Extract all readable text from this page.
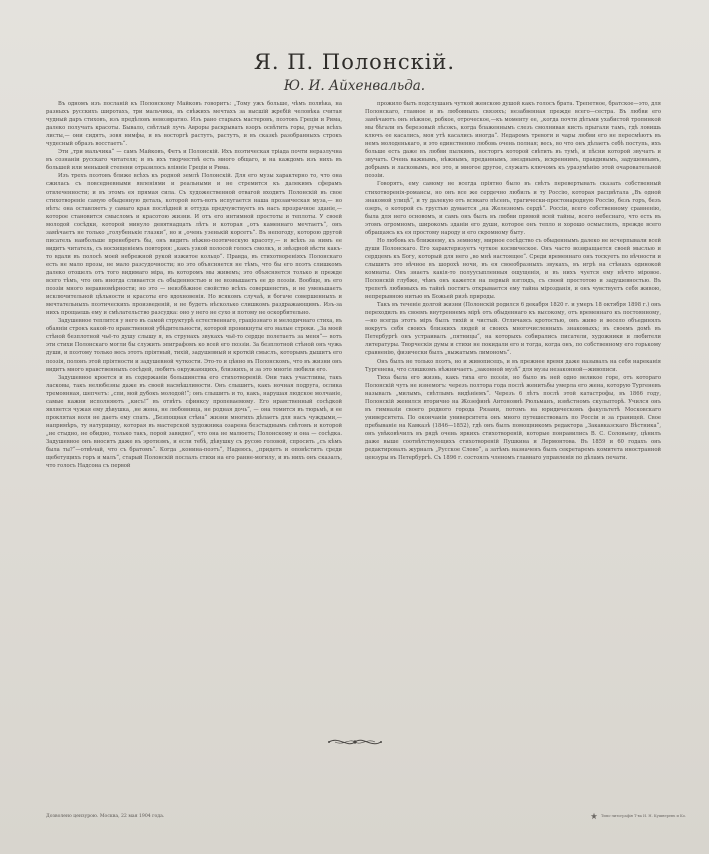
Я. П. Полонскій.
Ю. И. Айхенвальда.

Въ одномъ изъ посланій къ Полонскому Майковъ говоритъ: „Тому ужъ больше, чѣмъ полвѣка, на разныхъ русскихъ широтахъ, три мальчика, въ свѣжихъ мечтахъ за высшій жребій человѣка считая чудный даръ стиховъ, изъ предѣловъ невозвратно. Изъ рано старыхъ мастеровъ, поэтовъ Греціи и Рима, далеко получать красоты. Бывало, свѣтлый лучъ Авроры раскрывать взоръ освѣтить горы, ручьи всѣхъ листы,— они сидятъ, зовя нимфы, и въ восторгѣ растутъ, растутъ, и въ сказкѣ разобранныхъ строкъ чудесный образъ восстаетъ“.

Эти „три мальчика“ — самъ Майковъ, Фетъ и Полонскій. Ихъ поэтическая тріада почти неразлучна въ сознаніи русскаго читателя; и въ ихъ творчествѣ есть много общаго, и на каждомъ изъ нихъ въ большей или меньшей степени отразилось вліяніе Греціи и Рима.

Изъ трехъ поэтовъ ближе всѣхъ къ родной землѣ Полонскій. Для его музы характерно то, что она сжилась съ повседневными явленіями и реальными и не стремится къ далекимъ сферамъ отвлеченности; и въ этомъ ея прямая сила. Съ художественной отвагой входитъ Полонскій въ свое стихотвореніе самую обыденную деталь, которой вотъ-вотъ испугается наша прозаическая муза,— но нѣтъ: она оставляетъ у самаго края послѣдней и оттуда предчувствуетъ въ насъ прозрачное зданіе,—которое становится смысломъ и красотою жизни. И отъ его интимной простоты и теплоты. У своей молодой сосѣдки, которой минуло девятнадцать лѣтъ и которая „отъ каменнаго мечтаетъ“, онъ замѣчаетъ не только „голубенькіе глазки“, но и „очень узенькій корсетъ“. Въ непогоду, которою другой писатель наибольше пренебрегъ бы, онъ видитъ нѣжно-поэтическую красоту,— и всѣхъ за нимъ ее видитъ читатель, съ восхищеніемъ повторяя: „какъ узкой полосой голосъ смолкъ, и звѣздной вѣсти какъ-то вдали въ полосѣ моей небрежной рукой изжитое кольцо“. Правда, въ стихотвореніяхъ Полонскаго есть не мало прозы, не мало разсудочности; но это объясняется не тѣмъ, что бы его поэтъ слишкомъ далеко отошелъ отъ того видимаго міра, въ которомъ мы живемъ; это объясняется только и прежде всего тѣмъ, что онъ иногда сливается съ обыденностью и не возвышаетъ ее до поэзіи. Вообще, въ его поэзіи много неравномѣрности; но это — неизбѣжное свойство всѣхъ совершенствъ, и не уменьшаетъ исключительной цѣльности и красоты его вдохновенія. Но всякомъ случаѣ, и богаче совершенныхъ и мечтательныхъ поэтическихъ произведеній, и не будетъ нѣсколько слишкомъ раздражающимъ. Изъ-за нихъ прощаешь ему и смѣлательство разсудка: оно у него не сухо и потому не оскорбительно.

Задушевное теплится у него въ самой структурѣ естественнаго, граціознаго и мелодичнаго стиха, въ обаяніи строкъ какой-то нравственной убѣдительности, которой проникнуты его малые строки. „За моей стѣной безплотной чьё-то душу слышу я, въ струнахъ звукахъ чьё-то сердце полетаетъ за меня“— вотъ эти стихи Полонскаго могли бы служить эпиграфомъ ко всей его поэзіи. За безплотной стѣной онъ чужь души, и поэтому только весь этотъ пріятный, тихій, задушевный и кроткій смыслъ, которымъ дышитъ его поэзія, полонъ этой пріятности и задушевной чуткости. Это-то и цѣнно въ Полонскомъ, что въ жизни онъ видитъ много нравственныхъ сосѣдей, любитъ окружающихъ, близкихъ, и за это многіе любили его.

Задушевное кроется и въ содержаніи большинства его стихотвореній. Они такъ участливы, такъ ласковы, такъ нелюбезны даже въ своей насмѣшливости. Онъ слышитъ, какъ ночная подруга, ослика тремоянная, шепчетъ: „спи, мой дубокъ молодой!“; онъ слышитъ и то, какъ, нарушая людское молчаніе, самые кажни исполняютъ „кисъ!“ въ отвѣтъ сфинксу пропеваемому. Его нравственный сосѣдкой является чужая ему дѣвушка, ,не жена, не любовница, не родная дочь“, — она томится въ тюрьмѣ, и ее проклятая воля не даетъ ему спать. „Безпощная стѣна“ жизни многихъ дѣлаетъ для насъ чуждыми,—напримѣръ, ту натурщицу, которая въ мастерской художника озарена безстыднымъ свѣтомъ и которой „не стыдно, не обидно, только такъ, порой завидно“, что она не малюетъ; Полонскому и она — сосѣдка. Задушевное онъ вноситъ даже въ эротизмъ, и если тебѣ, дѣвушку съ русою головой, спросить „съ кѣмъ была ты?“—отвѣчай, что съ братомъ“. Когда „конина-поэтъ“, Надеюсь, „придетъ и оповѣститъ среди щебетущихъ горъ и малъ“, старый Полонскій послалъ стихи на его ранне-могилу, и въ нихъ онъ сказалъ, что голосъ Надсона съ первой

прожило быть подслушанъ чуткой женскою душой какъ голосъ брата. Трепетное, братское—это, для Полонскаго, главное и въ любовныхъ связяхъ; незабвенная прежде всего—сестра. Въ любви его замѣчаютъ онъ нѣжное, робкое, отроческое,—къ моменту ее, „когда почти дѣтьми ухабистой тропинкой мы бѣгали въ березовый лѣсокъ, когда блаженнымъ слезъ смолнивая кисть прыгали тамъ, гдѣ ловишь ключъ ее касались, моя утѣ касались иногда“. Недаромъ тревоги и чары любви его не пересмѣютъ въ немъ молоденькаго, и это единственно любовь очень полная; весь, во что онъ дѣлаетъ себѣ поступь, ихъ больше есть даже въ любви пылкимъ, восторгъ которой свѣтить въ тумѣ, и пѣсни которой звучатъ и звучатъ. Очень важнымъ, нѣжнымъ, преданнымъ, звезднымъ, искреннимъ, правдивымъ, задушевнымъ, добрымъ и ласковымъ, все это, и многое другое, служатъ ключомъ къ уразумѣнію этой очаровательной поэзіи.

Говорятъ, ему самому не всегда пріятно было въ свѣтъ перевертывать сказать собственный стихотворенія-романсы, но онъ все же сердечно любилъ и ту Россію, которая расцвѣтала „Въ одной знакомой улицѣ“, и ту далекую отъ всякаго пѣсенъ, трагически-простонародную Россію, безъ горъ, безъ озеръ, о которой съ грустью думается „на Железномъ сердѣ“. Россіи, всего собственному сравненію, была для него основомъ, и самъ онъ былъ въ любви прямой всей тайны, всего небеснаго, что есть въ этомъ огромномъ, широкомъ зданіи его души, которое онъ тепло и хорошо осмыслилъ, прежде всего обращаясь къ ея простому народу и его скромному быту.

Но любовь къ ближнему, къ земному, мирное сосѣдство съ обыденнымъ далеко не исчерпывали всей души Полонскаго. Его характеризуетъ чуткое космическое. Онъ часто возвращается своей мыслью и сердцемъ къ Богу, который для него „во мнѣ настоящее“. Среди временнаго онъ тоскуетъ по вѣчности и слышитъ это вѣчное въ шорохѣ ночи, въ ея своеобразныхъ звукахъ, въ игрѣ на стѣнахъ одинокой комнаты. Онъ знаетъ какія-то полуусыпленныя ощущенія, и въ нихъ чуется ему нѣчто міровое. Полонскій глубже, чѣмъ онъ кажется на первый взглядъ, съ своей простотою и задушевностью. Въ трепетѣ любимыхъ въ тайнѣ постигъ открывается ему тайна мірозданія, и онъ чувствуетъ себя живою, непрерывною нитью въ Божьей ризѣ природы.

Такъ въ теченіе долгой жизни (Полонскій родился 6 декабря 1820 г. и умеръ 18 октября 1898 г.) онъ переходилъ въ своемъ внутреннемъ мірѣ отъ обыденнаго къ высокому, отъ временнаго къ постоянному,—но всегда этотъ міръ былъ тихій и чистый. Отличаясь кротостью, онъ живо и весело объединялъ вокругъ себя своихъ близкихъ людей и своихъ многочисленныхъ знакомыхъ; въ своемъ домѣ въ Петербургѣ онъ устраивалъ „пятницы“, на которыхъ собирались писатели, художники и любители литературы. Творческія думы и стихи не покидали его и тогда, когда онъ, по собственному его горькому сравненію, физически былъ „выжатымъ лимономъ“.

Онъ былъ не только поэтъ, но и живописецъ, и въ прежнее время даже называлъ на себя нареканія Тургенева, что слишкомъ нѣжничаетъ „законной музѣ“ для музы незаконной—живописи.

Тиха была его жизнь, какъ тиха его поэзія, но было въ ней одно великое горе, отъ котораго Полонскій чуть не изнемогъ: черезъ полтора года послѣ женитьбы умерла его жена, которую Тургеневъ называлъ „милымъ, свѣтлымъ видѣніемъ“. Черезъ 6 лѣтъ послѣ этой катастрофы, въ 1866 году, Полонскій женился вторично на Жозефинѣ Антоновнѣ Рюльманъ, извѣстномъ скульпторѣ. Учился онъ въ гимназіи своего родного города Рязани, потомъ на юридическомъ факультетѣ Московскаго университета. По окончаніи университета онъ много путешествовалъ по Россіи и за границей. Свое пребываніе на Кавказѣ (1846—1852), гдѣ онъ былъ помощникомъ редактора „Закавказскаго Вѣстника“, онъ увѣковѣчилъ въ рядѣ очень яркихъ стихотвореній, которые понравились В. С. Соловьеву, цѣнилъ даже выше соотвѣтствующихъ стихотвореній Пушкина и Лермонтова. Въ 1859 и 60 годахъ онъ редактировалъ журналъ „Русское Слово“, а затѣмъ назначенъ былъ секретаремъ комитета иностранной цензуры въ Петербургѣ. Съ 1896 г. состоялъ членомъ главнаго управленія по дѣламъ печати.

Дозволено цензурою. Москва, 22 мая 1904 года.	Типо-литографія Т-ва И. Н. Кушнеревъ и Ко.
